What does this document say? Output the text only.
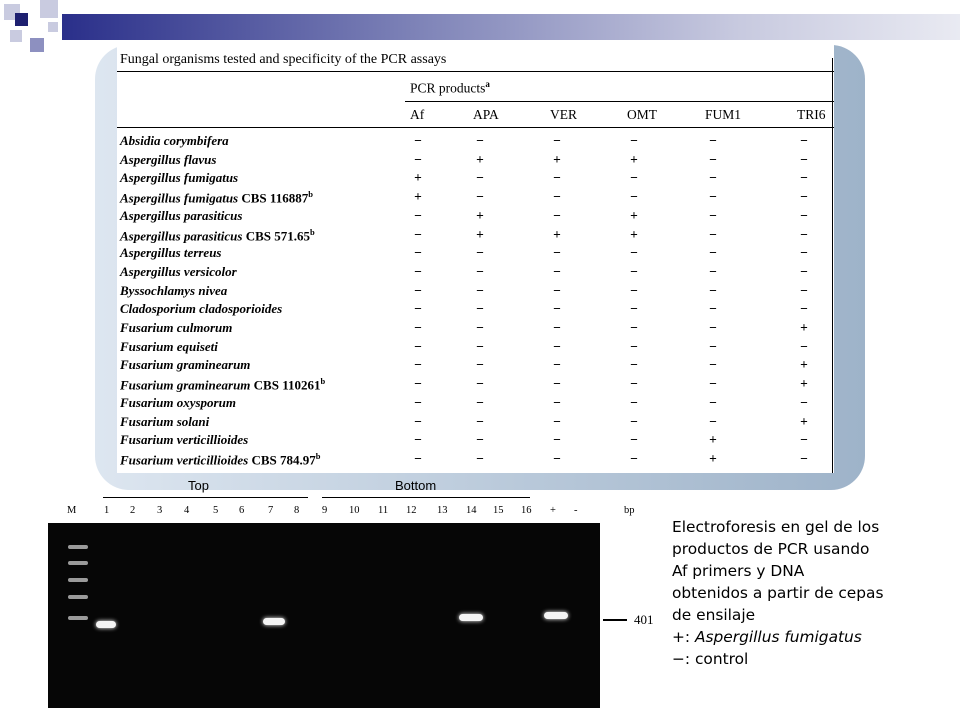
Fungal organisms tested and specificity of the PCR assays
PCR products$^a$
Af	APA	VER	OMT	FUM1	TRI6
Absidia corymbifera	−	−	−	−	−	−
Aspergillus flavus	−	+	+	+	−	−
Aspergillus fumigatus	+	−	−	−	−	−
Aspergillus fumigatus CBS $116887^b$	+	−	−	−	−	−
Aspergillus parasiticus	−	+	−	+	−	−
Aspergillus parasiticus CBS 571.65$^b$	−	+	+	+	−	−
Aspergillus terreus	−	−	−	−	−	−
Aspergillus versicolor	−	−	−	−	−	−
Byssochlamys nivea	−	−	−	−	−	−
Cladosporium cladosporioides	−	−	−	−	−	−
Fusarium culmorum	−	−	−	−	−	+
Fusarium equiseti	−	−	−	−	−	−
Fusarium graminearum	−	−	−	−	−	+
Fusarium graminearum CBS $110261^b$	−	−	−	−	−	+
Fusarium oxysporum	−	−	−	−	−	−
Fusarium solani	−	−	−	−	−	+
Fusarium verticillioides	−	−	−	−	+	−
Fusarium verticillioides CBS 784.97$^b$	−	−	−	−	+	−
Top	Bottom
M	1 2 3 4 5 6 7 8 9 10 11 12 13 14 15 16 + -	bp
401
Electroforesis en gel de los
productos de PCR usando
Af primers y DNA
obtenidos a partir de cepas
de ensilaje
+: Aspergillus fumigatus
−: control
